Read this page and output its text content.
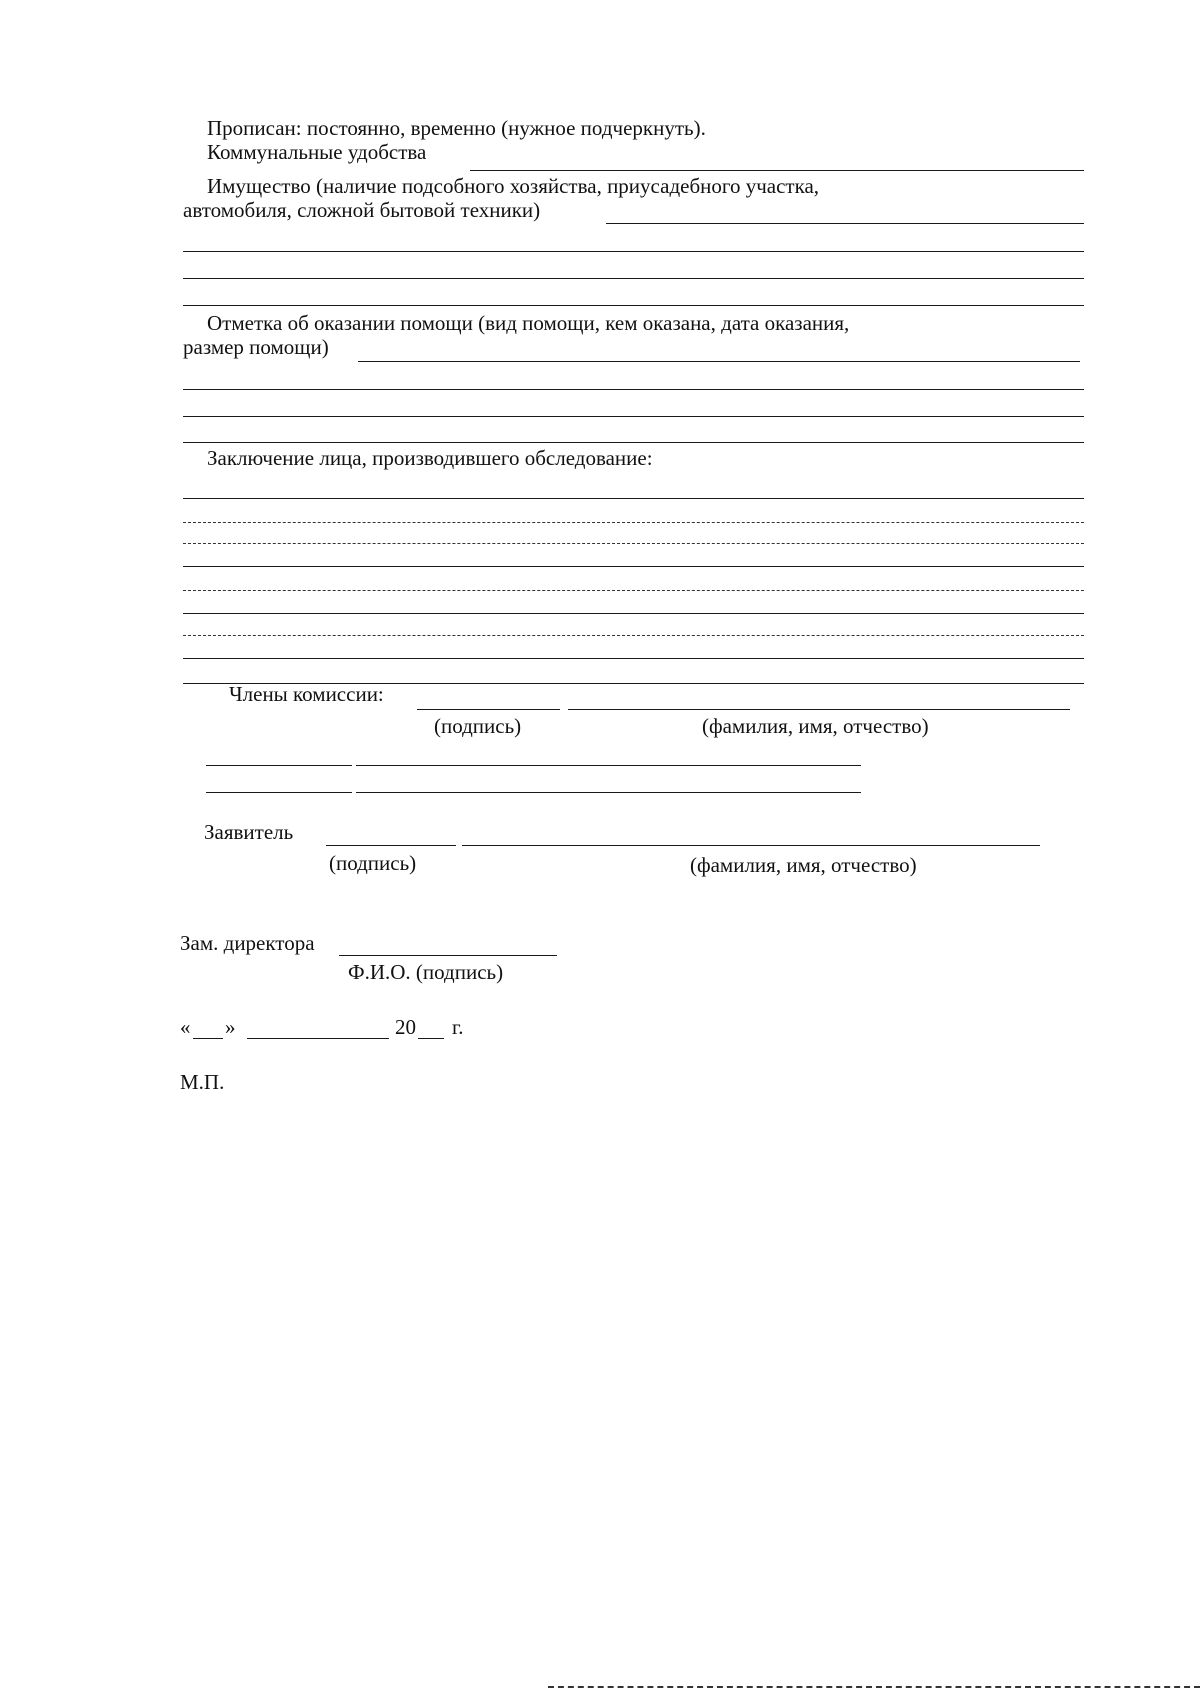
Прописан: постоянно, временно (нужное подчеркнуть).
Коммунальные удобства
Имущество (наличие подсобного хозяйства, приусадебного участка,
автомобиля, сложной бытовой техники)
Отметка об оказании помощи (вид помощи, кем оказана, дата оказания,
размер помощи)
Заключение лица, производившего обследование:
Члены комиссии:
(подпись)	(фамилия, имя, отчество)
Заявитель
(подпись)	(фамилия, имя, отчество)
Зам. директора
Ф.И.О. (подпись)
« »	20 г.
М.П.
